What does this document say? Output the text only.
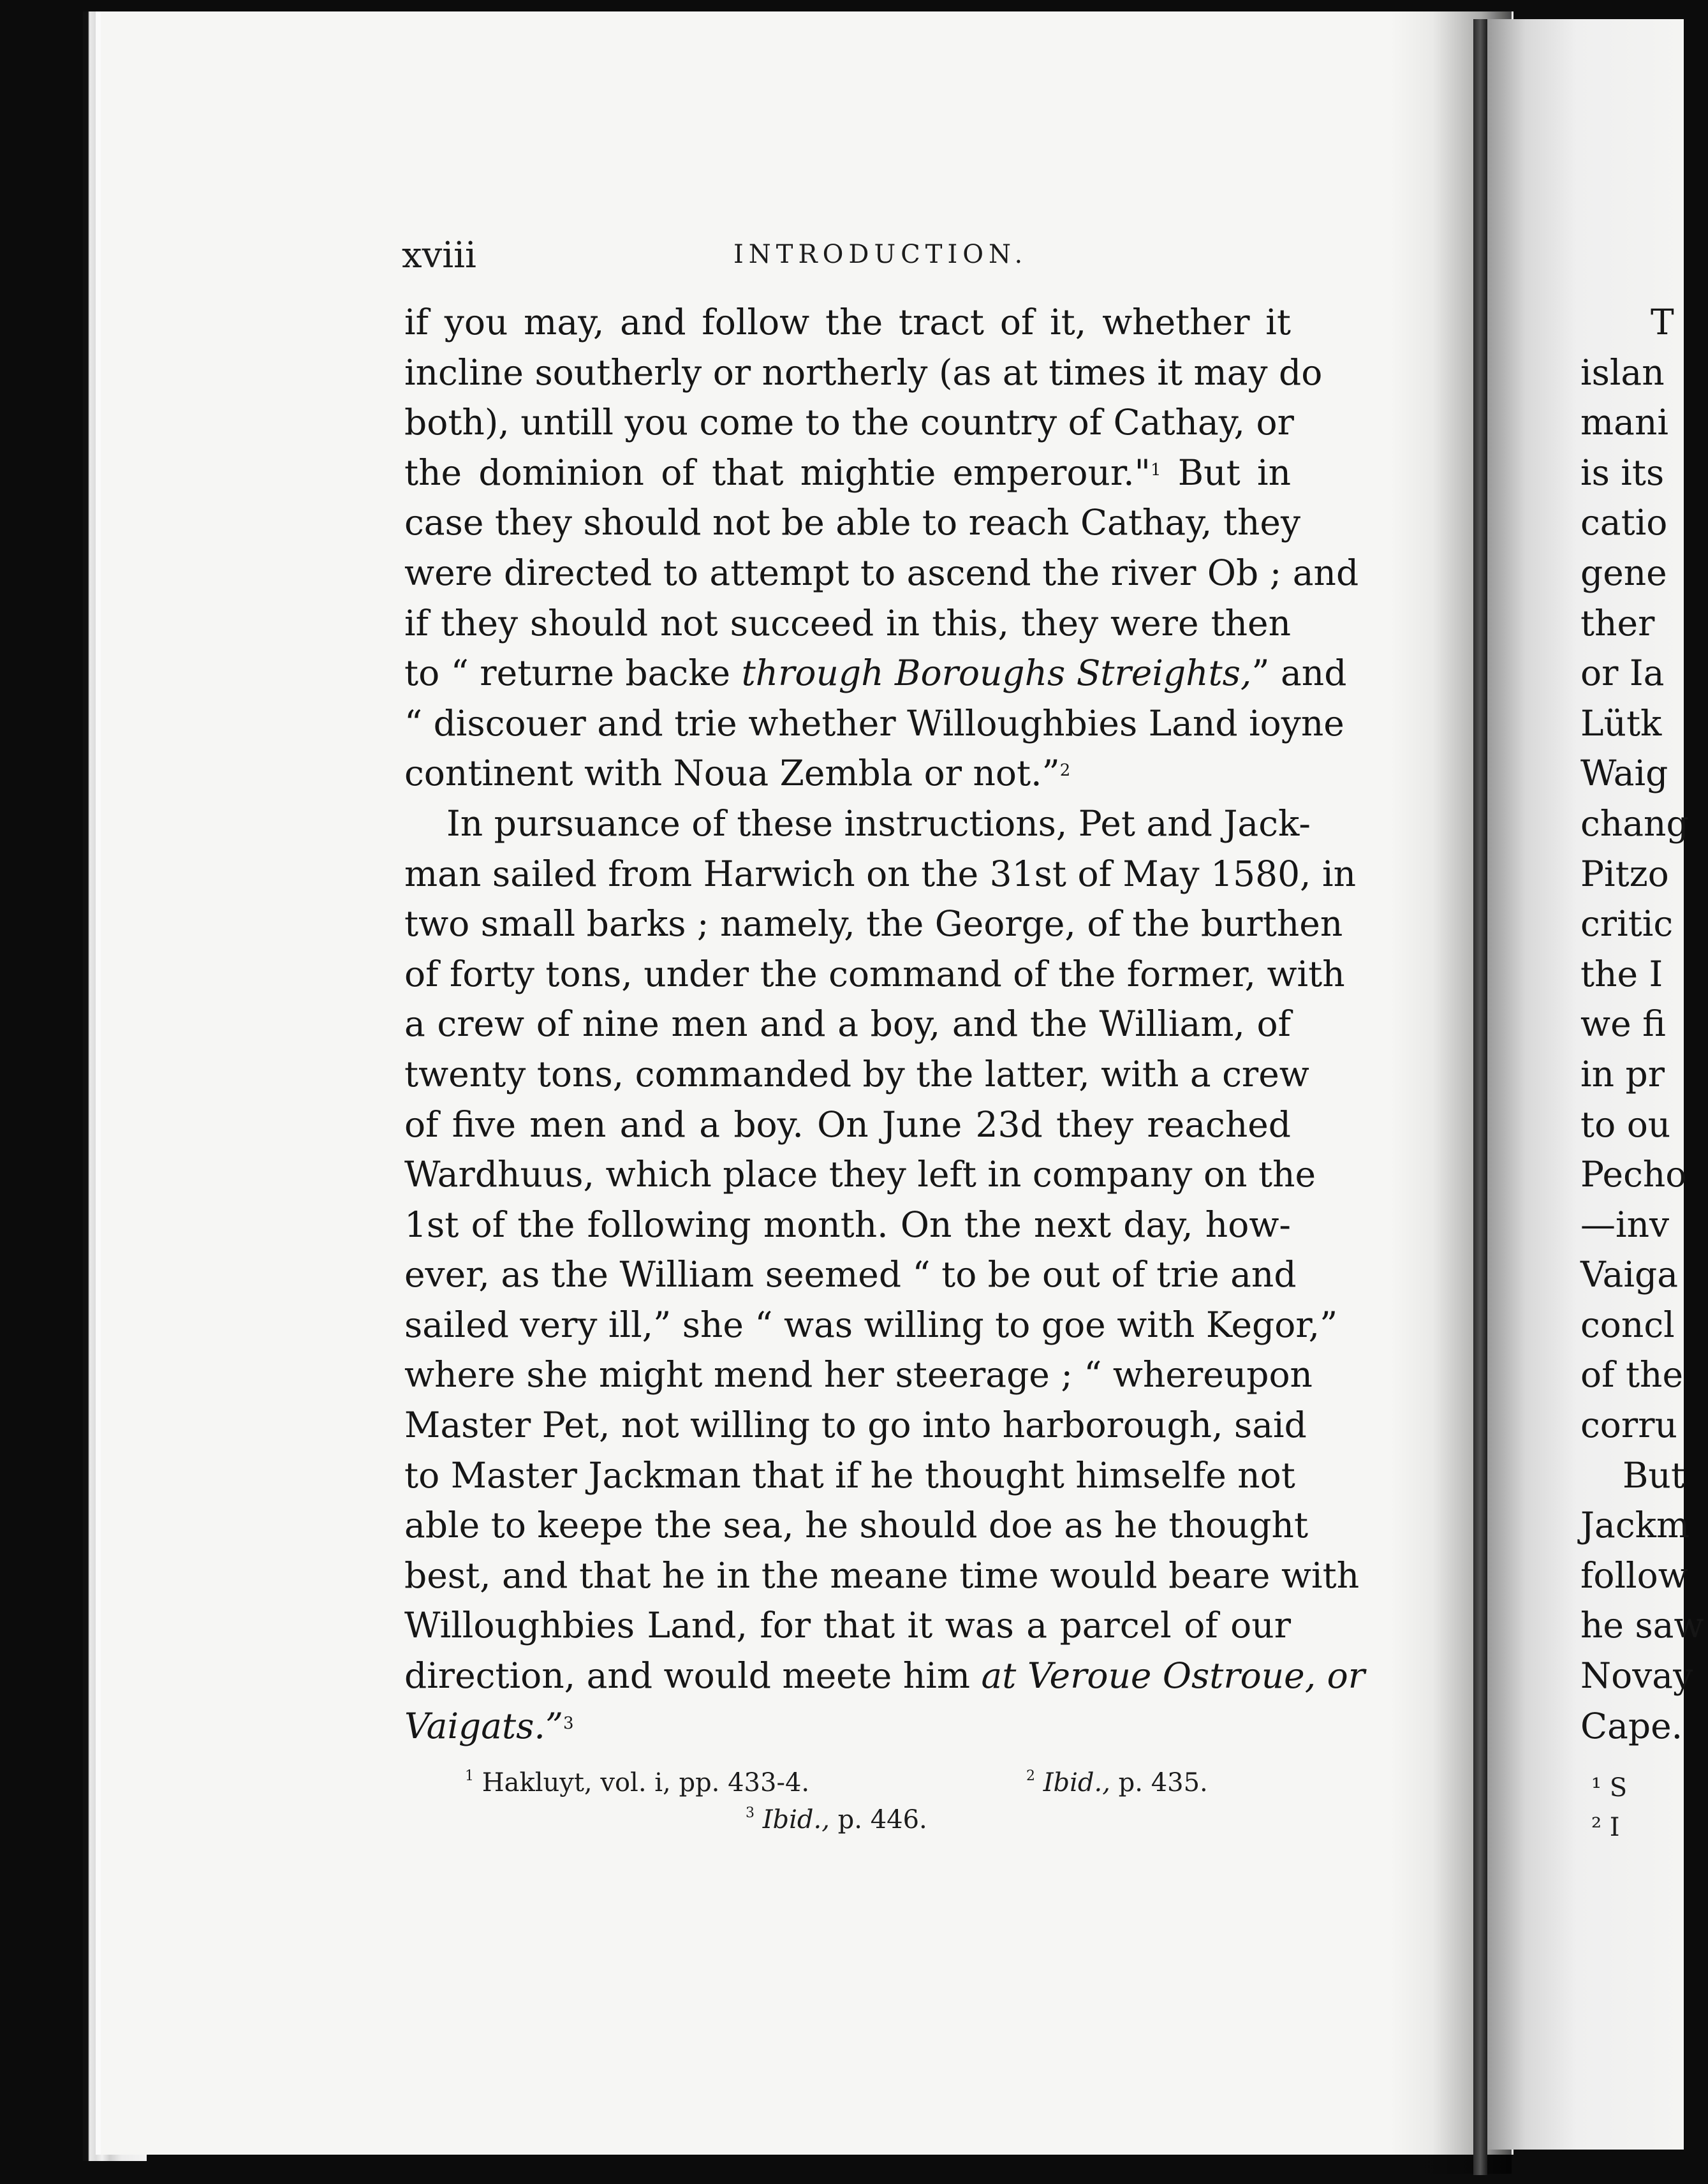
xviii	INTRODUCTION.
if you may, and follow the tract of it, whether it
incline southerly or northerly (as at times it may do
both), untill you come to the country of Cathay, or
the dominion of that mightie emperour."$^1$ But in
case they should not be able to reach Cathay, they
were directed to attempt to ascend the river Ob ; and
if they should not succeed in this, they were then
to “ returne backe through Boroughs Streights,” and
“ discouer and trie whether Willoughbies Land ioyne
continent with Noua Zembla or not.”$^2$
In pursuance of these instructions, Pet and Jack-
man sailed from Harwich on the 31st of May 1580, in
two small barks ; namely, the George, of the burthen
of forty tons, under the command of the former, with
a crew of nine men and a boy, and the William, of
twenty tons, commanded by the latter, with a crew
of five men and a boy. On June 23d they reached
Wardhuus, which place they left in company on the
1st of the following month. On the next day, how-
ever, as the William seemed “ to be out of trie and
sailed very ill,” she “ was willing to goe with Kegor,”
where she might mend her steerage ; “ whereupon
Master Pet, not willing to go into harborough, said
to Master Jackman that if he thought himselfe not
able to keepe the sea, he should doe as he thought
best, and that he in the meane time would beare with
Willoughbies Land, for that it was a parcel of our
direction, and would meete him at Veroue Ostroue, or
Vaigats.”$^3$
$^1$ Hakluyt, vol. i, pp. 433-4.	$^2$ Ibid., p. 435.
$^3$ Ibid., p. 446.
T
islan
mani
is its
catio
gene
ther
or Ia
Lütk
Waig
chang
Pitzo
critic
the I
we fi
in pr
to ou
Pecho
—inv
Vaiga
concl
of the
corru
But
Jackm
follow
he saw
Novay
Cape.
¹ S
² I
